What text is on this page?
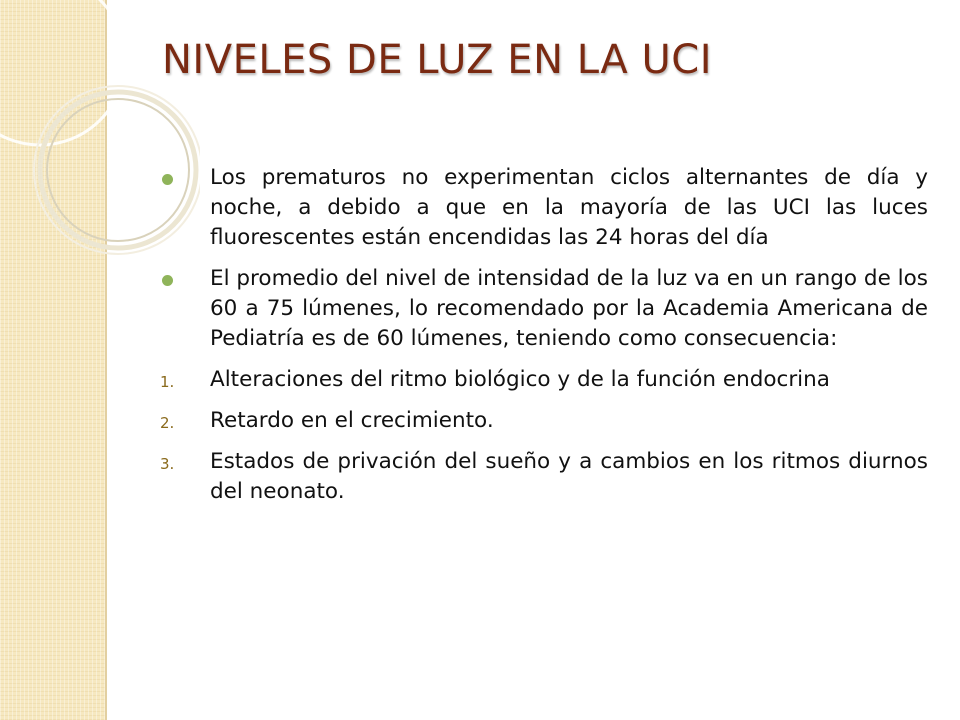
NIVELES DE LUZ EN LA UCI
Los prematuros no experimentan ciclos alternantes de día y noche, a debido a que en la mayoría de las UCI las luces fluorescentes están encendidas las 24 horas del día
El promedio del nivel de intensidad de la luz va en un rango de los 60 a 75 lúmenes, lo recomendado por la Academia Americana de Pediatría es de 60 lúmenes, teniendo como consecuencia:
1. Alteraciones del ritmo biológico y de la función endocrina
2. Retardo en el crecimiento.
3. Estados de privación del sueño y a cambios en los ritmos diurnos del neonato.
